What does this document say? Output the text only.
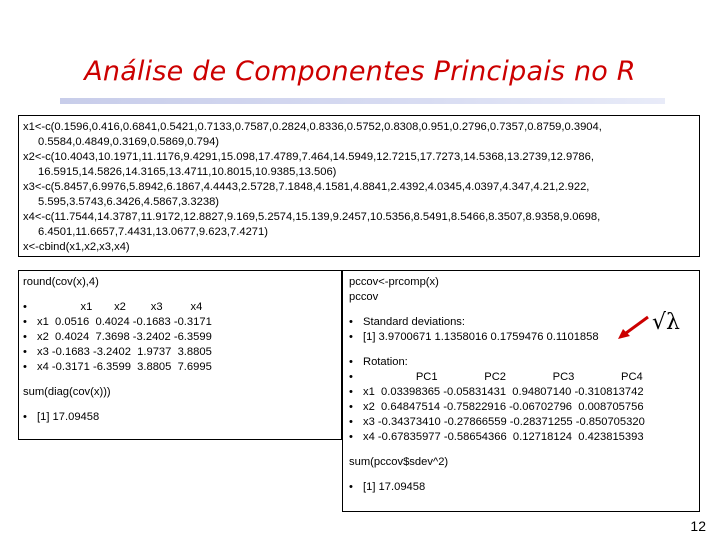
Análise de Componentes Principais no R
x1<-c(0.1596,0.416,0.6841,0.5421,0.7133,0.7587,0.2824,0.8336,0.5752,0.8308,0.951,0.2796,0.7357,0.8759,0.3904,
0.5584,0.4849,0.3169,0.5869,0.794)
x2<-c(10.4043,10.1971,11.1176,9.4291,15.098,17.4789,7.464,14.5949,12.7215,17.7273,14.5368,13.2739,12.9786,
16.5915,14.5826,14.3165,13.4711,10.8015,10.9385,13.506)
x3<-c(5.8457,6.9976,5.8942,6.1867,4.4443,2.5728,7.1848,4.1581,4.8841,2.4392,4.0345,4.0397,4.347,4.21,2.922,
5.595,3.5743,6.3426,4.5867,3.3238)
x4<-c(11.7544,14.3787,11.9172,12.8827,9.169,5.2574,15.139,9.2457,10.5356,8.5491,8.5466,8.3507,8.9358,9.0698,
6.4501,11.6657,7.4431,13.0677,9.623,7.4271)
x<-cbind(x1,x2,x3,x4)
round(cov(x),4)
• x1       x2        x3         x4
• x1  0.0516  0.4024 -0.1683 -0.3171
• x2  0.4024  7.3698 -3.2402 -6.3599
• x3 -0.1683 -3.2402  1.9737  3.8805
• x4 -0.3171 -6.3599  3.8805  7.6995
sum(diag(cov(x)))
• [1] 17.09458
pccov<-prcomp(x)
pccov
• Standard deviations:
• [1] 3.9700671 1.1358016 0.1759476 0.1101858
• Rotation:
• PC1               PC2               PC3               PC4
• x1  0.03398365 -0.05831431  0.94807140 -0.310813742
• x2  0.64847514 -0.75822916 -0.06702796  0.008705756
• x3 -0.34373410 -0.27866559 -0.28371255 -0.850705320
• x4 -0.67835977 -0.58654366  0.12718124  0.423815393
sum(pccov$sdev^2)
• [1] 17.09458
√λ
12
